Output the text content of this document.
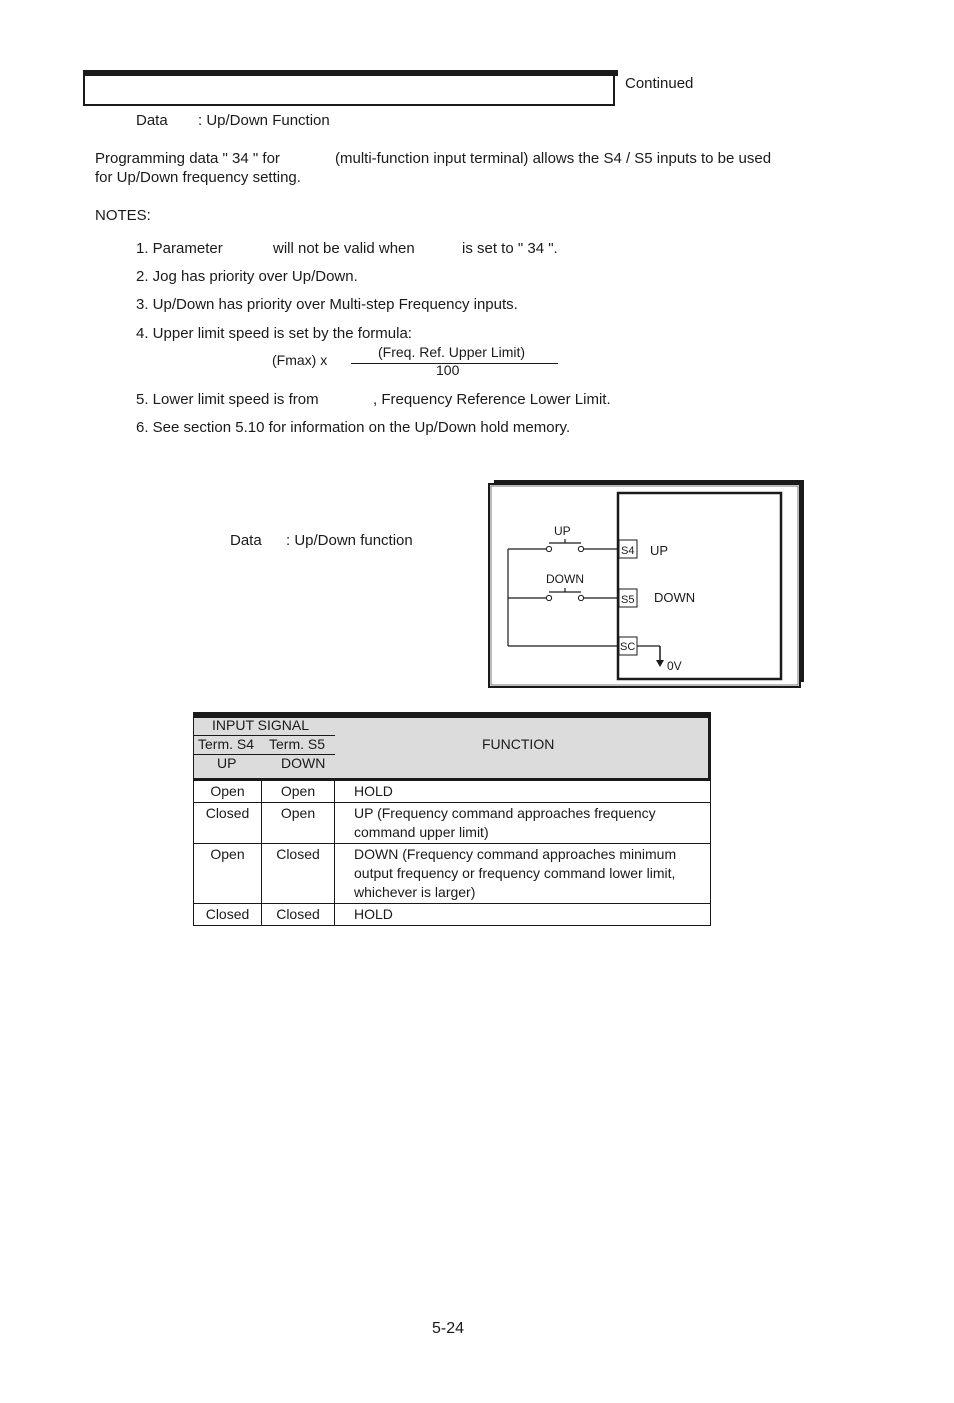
Continued
Data : Up/Down Function
Programming data " 34 " for	(multi-function input terminal) allows the S4 / S5 inputs to be used
for Up/Down frequency setting.
NOTES:
1. Parameter	will not be valid when	is set to " 34 ".
2. Jog has priority over Up/Down.
3. Up/Down has priority over Multi-step Frequency inputs.
4. Upper limit speed is set by the formula:
(Fmax) x	(Freq. Ref. Upper Limit)
100
5. Lower limit speed is from	, Frequency Reference Lower Limit.
6. See section 5.10 for information on the Up/Down hold memory.
Data : Up/Down function
UP
DOWN
S4
S5
SC
UP
DOWN
0V
INPUT SIGNAL
Term. S4 Term. S5
UP	DOWN
FUNCTION
Open	Open	HOLD
Closed	Open	UP (Frequency command approaches frequency command upper limit)
Open	Closed	DOWN (Frequency command approaches minimum output frequency or frequency command lower limit, whichever is larger)
Closed	Closed	HOLD
5-24
